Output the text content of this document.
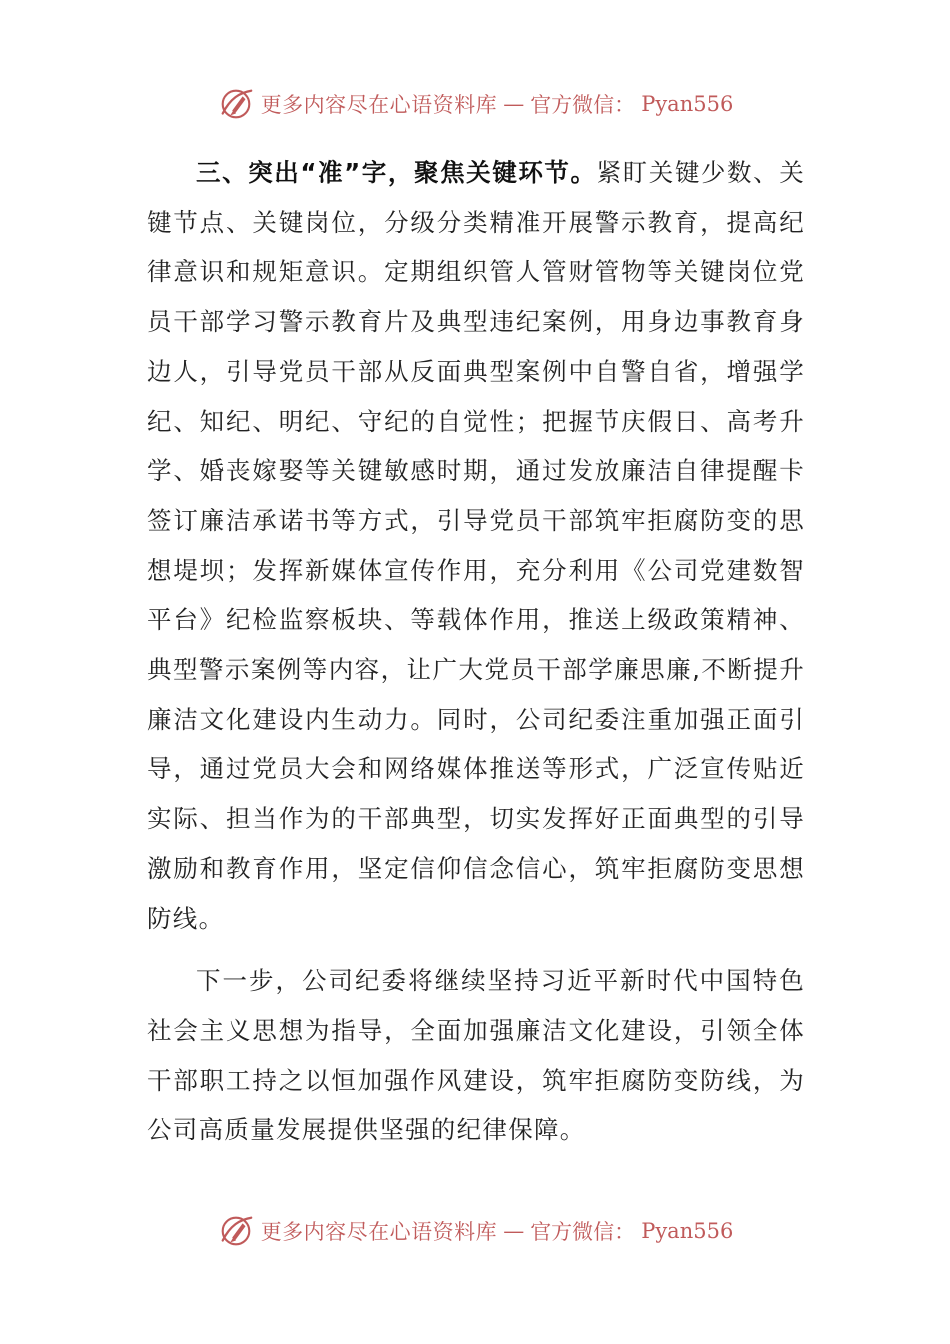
更多内容尽在心语资料库 — 官方微信： Pyan556

三、突出“准”字，聚焦关键环节。紧盯关键少数、关键节点、关键岗位，分级分类精准开展警示教育，提高纪律意识和规矩意识。定期组织管人管财管物等关键岗位党员干部学习警示教育片及典型违纪案例，用身边事教育身边人，引导党员干部从反面典型案例中自警自省，增强学纪、知纪、明纪、守纪的自觉性；把握节庆假日、高考升学、婚丧嫁娶等关键敏感时期，通过发放廉洁自律提醒卡签订廉洁承诺书等方式，引导党员干部筑牢拒腐防变的思想堤坝；发挥新媒体宣传作用，充分利用《公司党建数智平台》纪检监察板块、等载体作用，推送上级政策精神、典型警示案例等内容，让广大党员干部学廉思廉,不断提升廉洁文化建设内生动力。同时，公司纪委注重加强正面引导，通过党员大会和网络媒体推送等形式，广泛宣传贴近实际、担当作为的干部典型，切实发挥好正面典型的引导激励和教育作用，坚定信仰信念信心，筑牢拒腐防变思想防线。

下一步，公司纪委将继续坚持习近平新时代中国特色社会主义思想为指导，全面加强廉洁文化建设，引领全体干部职工持之以恒加强作风建设，筑牢拒腐防变防线，为公司高质量发展提供坚强的纪律保障。

更多内容尽在心语资料库 — 官方微信： Pyan556
